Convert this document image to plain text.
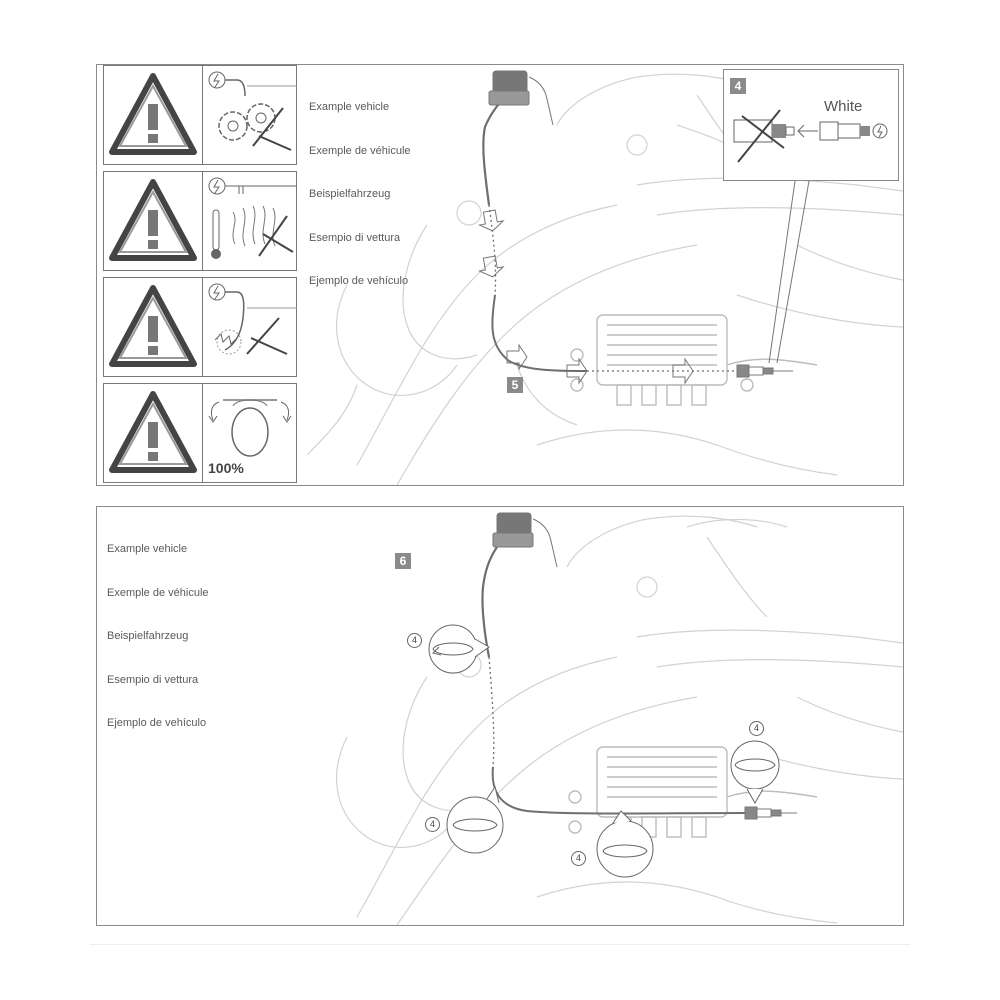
100%

Example vehicle

Exemple de véhicule

Beispielfahrzeug

Esempio di vettura

Ejemplo de vehículo

5
4
White

Example vehicle

Exemple de véhicule

Beispielfahrzeug

Esempio di vettura

Ejemplo de vehículo

6
4
4
4
4
